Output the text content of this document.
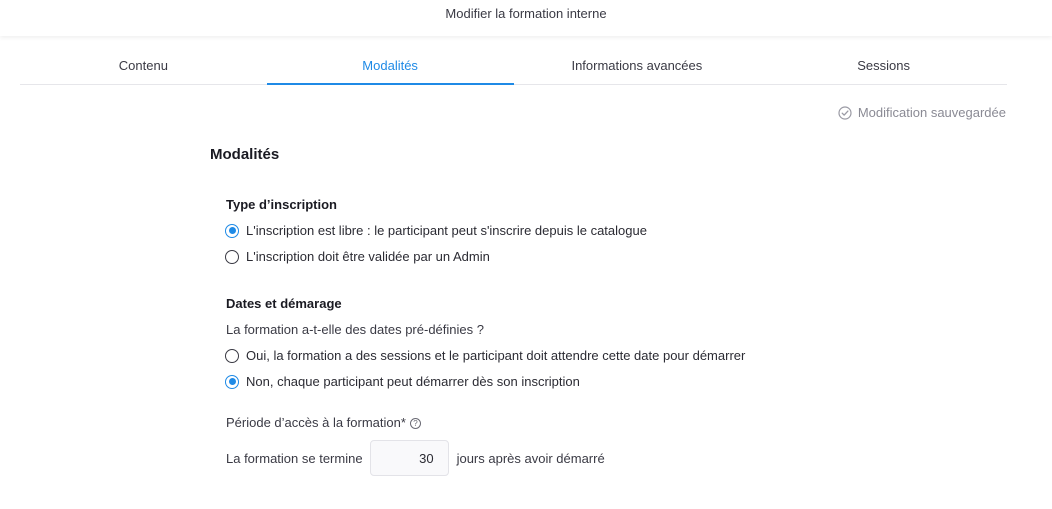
Modifier la formation interne
Contenu	Modalités	Informations avancées	Sessions
Modification sauvegardée
Modalités
Type d’inscription
L'inscription est libre : le participant peut s'inscrire depuis le catalogue
L'inscription doit être validée par un Admin
Dates et démarage
La formation a-t-elle des dates pré-définies ?
Oui, la formation a des sessions et le participant doit attendre cette date pour démarrer
Non, chaque participant peut démarrer dès son inscription
Période d’accès à la formation* ?
La formation se termine
30	jours après avoir démarré
